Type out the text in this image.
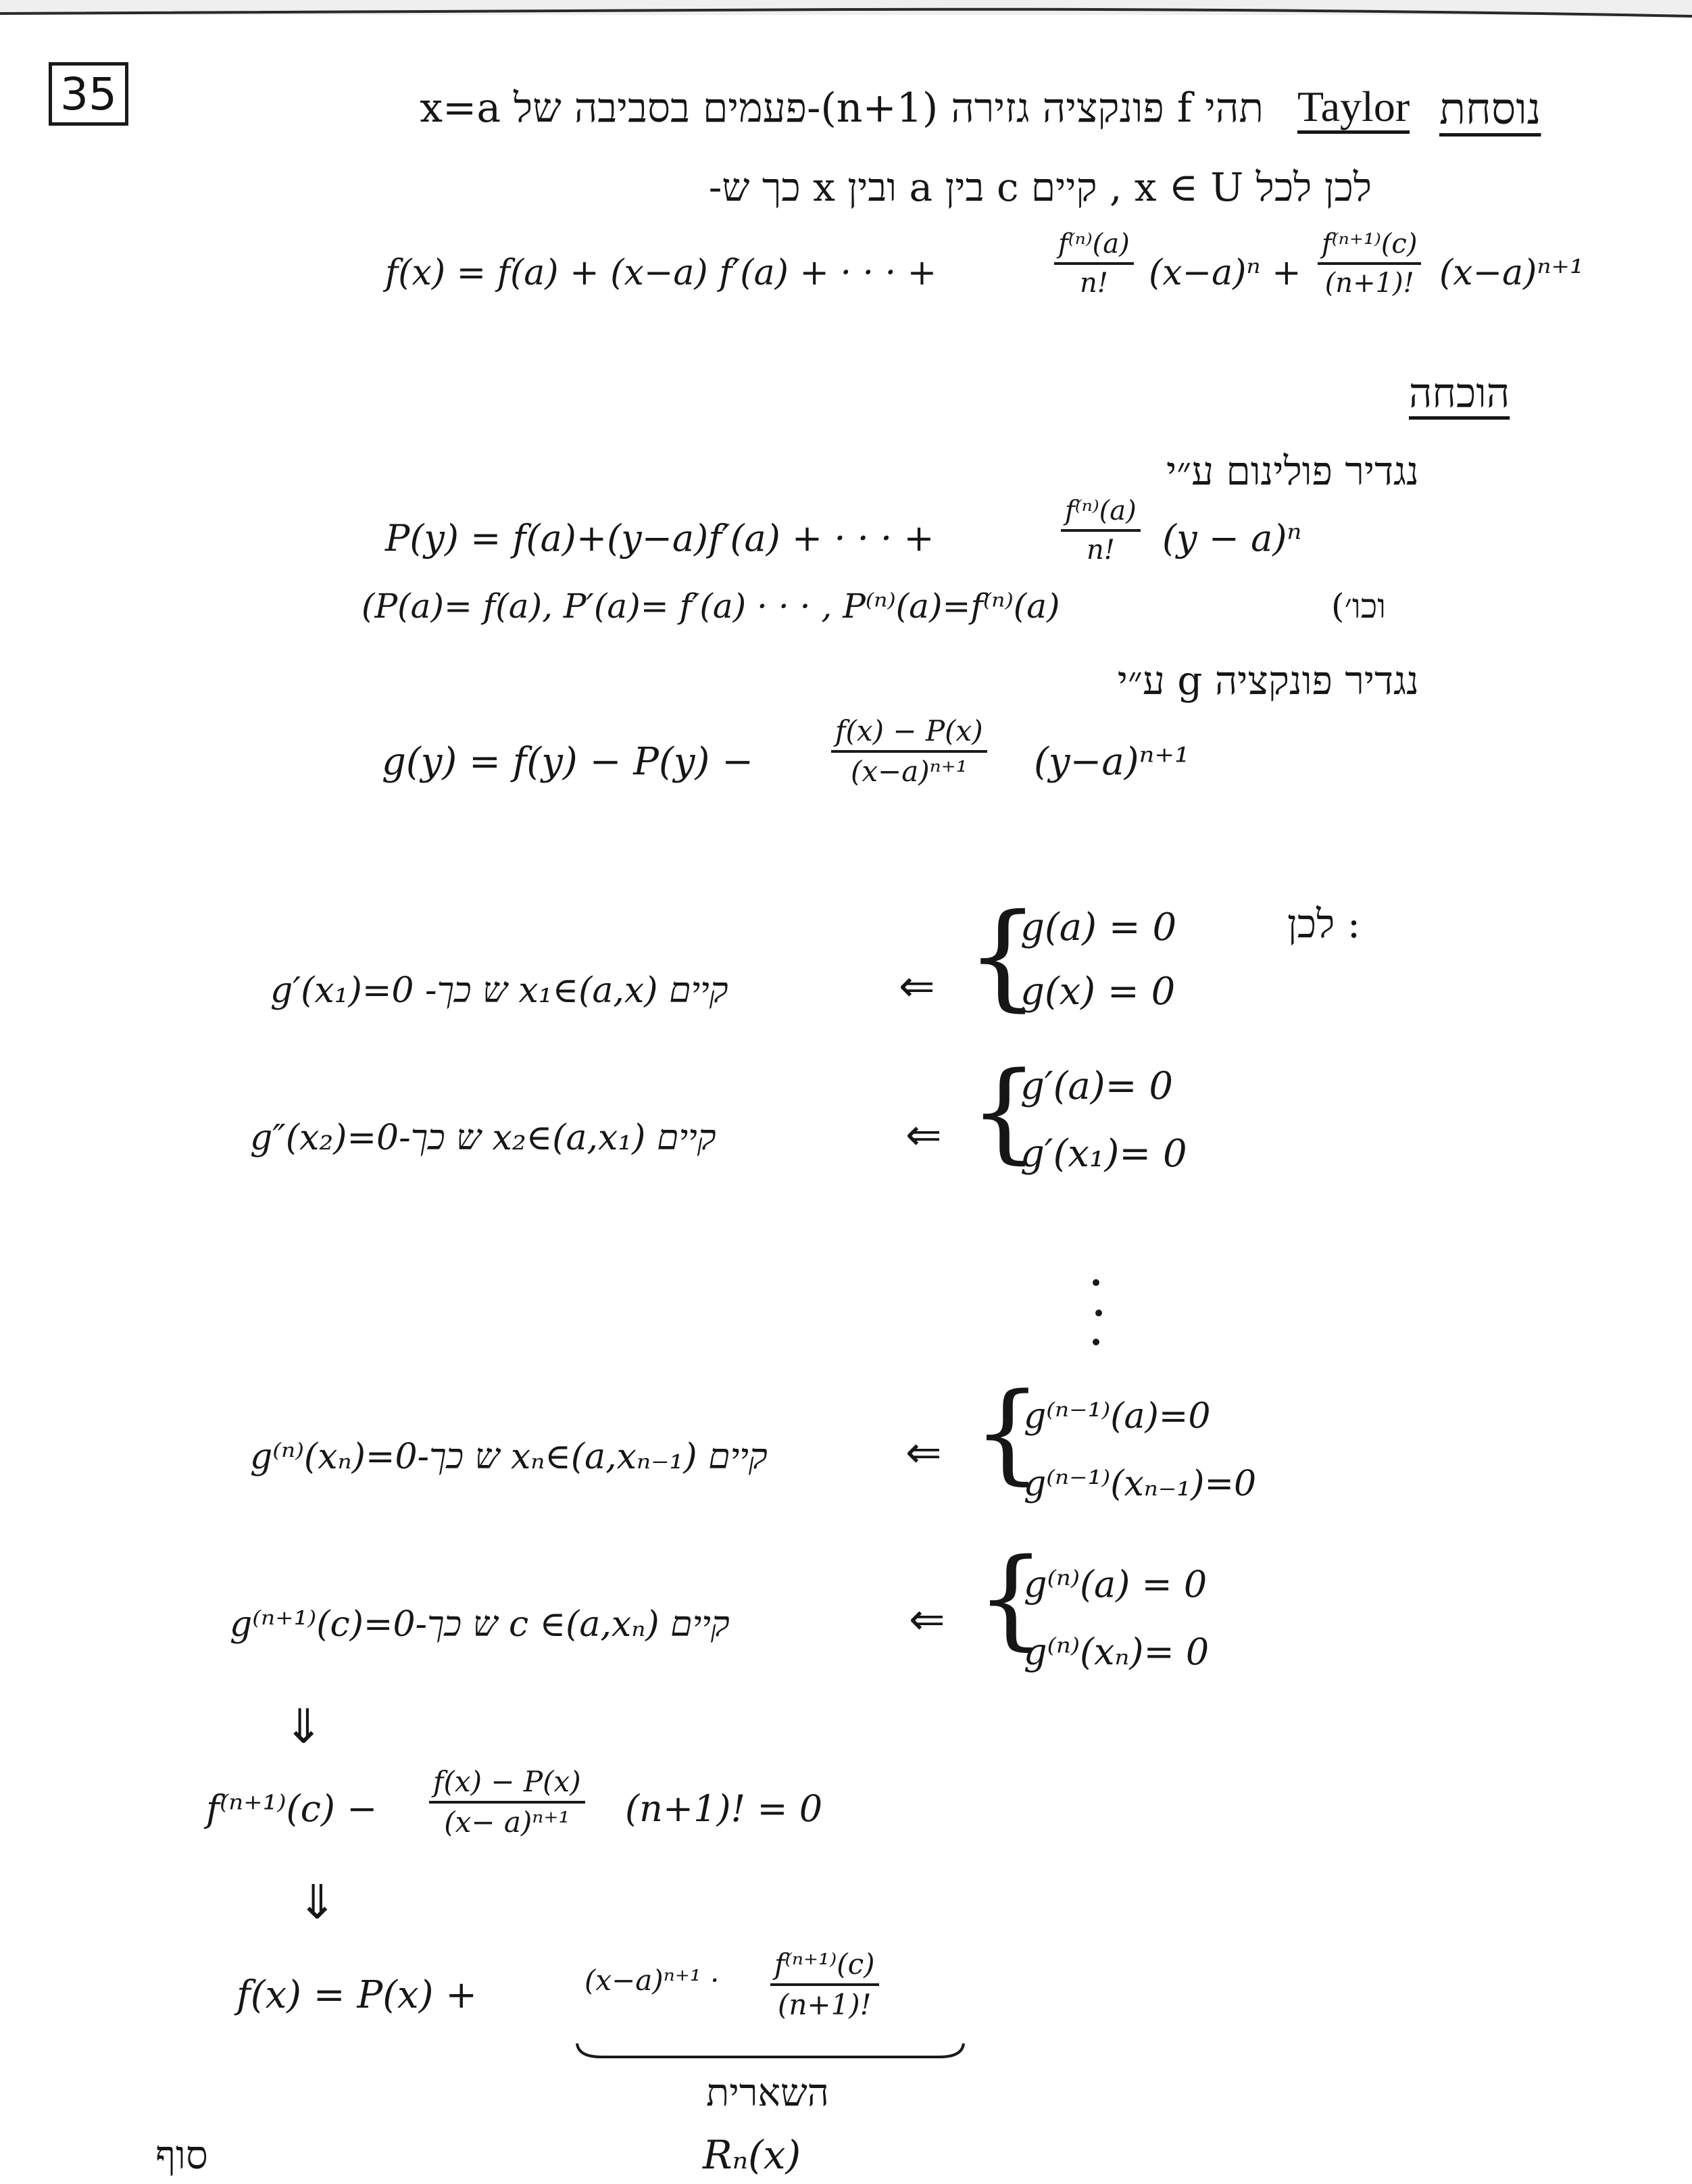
35	נוסחת
Taylor
תהי f פונקציה גזירה (n+1)-פעמים בסביבה של x=a
לכן לכל x ∈ U , קיים c בין a ובין x כך ש-
f(x) = f(a) + (x−a) f′(a) + · · · +	$\frac{\text{f⁽ⁿ⁾(a)}}{n!} (x-a)^n + \frac{\text{f⁽ⁿ⁺¹⁾(c)}}{(n+1)!} (x-a)^{n+1}$
הוכחה
נגדיר פולינום ע״י
P(y) = f(a)+(y−a)f′(a) + · · · +	$\frac{\text{f⁽ⁿ⁾(a)}}{n!} (y - a)^n$
(P(a)= f(a), P′(a)= f′(a) · · · , P⁽ⁿ⁾(a)=f⁽ⁿ⁾(a)	וכו׳)
נגדיר פונקציה g ע״י
g(y) = f(y) − P(y) −	$\frac{f(x) - P(x)}{\text{(x−a)ⁿ⁺¹}} (y-a)^{n+1}$
: לכן
g′(x₁)=0 -ש כך x₁∈(a,x) קיים	⇐ {
g(a) = 0
g(x) = 0
g″(x₂)=0-ש כך x₂∈(a,x₁) קיים	⇐ {
g′(a)= 0
g′(x₁)= 0
g⁽ⁿ⁾(xₙ)=0-ש כך xₙ∈(a,xₙ₋₁) קיים	⇐ {
g⁽ⁿ⁻¹⁾(a)=0
g⁽ⁿ⁻¹⁾(xₙ₋₁)=0
g⁽ⁿ⁺¹⁾(c)=0-ש כך c ∈(a,xₙ) קיים	⇐ {
g⁽ⁿ⁾(a) = 0
g⁽ⁿ⁾(xₙ)= 0
⇓
$f^{(n+1)}(c) - \frac{f(x) - P(x)}{\text{(x− a)ⁿ⁺¹}} (n+1)$! = 0
⇓
f(x) = P(x) +	$(x-a)^{n+1} \cdot \frac{\text{f⁽ⁿ⁺¹⁾(c)}}{(n+1)!}$
השארית
Rₙ(x)
סוף
